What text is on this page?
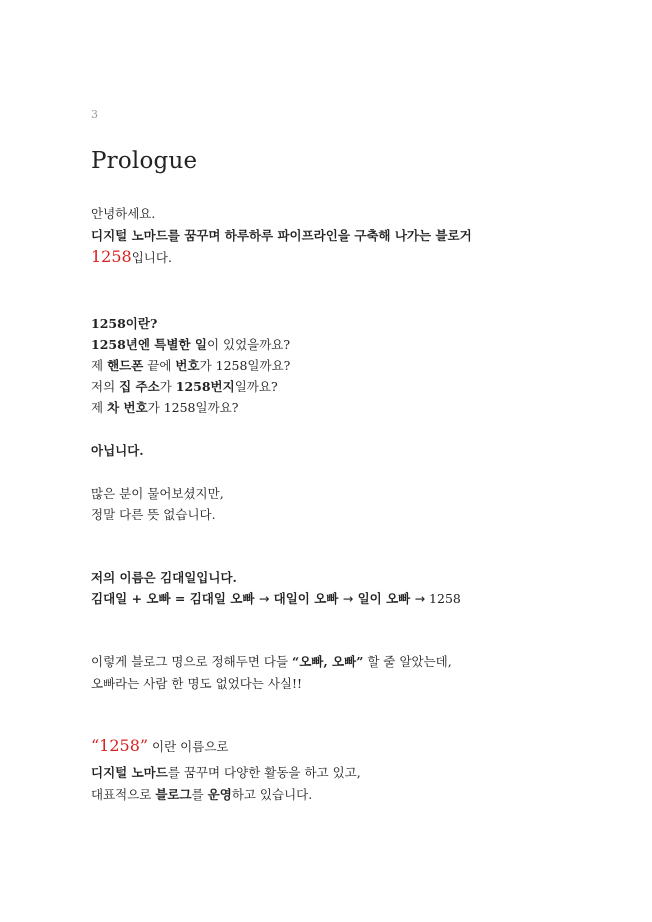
3
Prologue
안녕하세요.
디지털 노마드를 꿈꾸며 하루하루 파이프라인을 구축해 나가는 블로거
1258입니다.
1258이란?
1258년엔 특별한 일이 있었을까요?
제 핸드폰 끝에 번호가 1258일까요?
저의 집 주소가 1258번지일까요?
제 차 번호가 1258일까요?
아닙니다.
많은 분이 물어보셨지만,
정말 다른 뜻 없습니다.
저의 이름은 김대일입니다.
김대일 + 오빠 = 김대일 오빠 → 대일이 오빠 → 일이 오빠 → 1258
이렇게 블로그 명으로 정해두면 다들 “오빠, 오빠” 할 줄 알았는데,
오빠라는 사람 한 명도 없었다는 사실!!
“1258” 이란 이름으로
디지털 노마드를 꿈꾸며 다양한 활동을 하고 있고,
대표적으로 블로그를 운영하고 있습니다.
